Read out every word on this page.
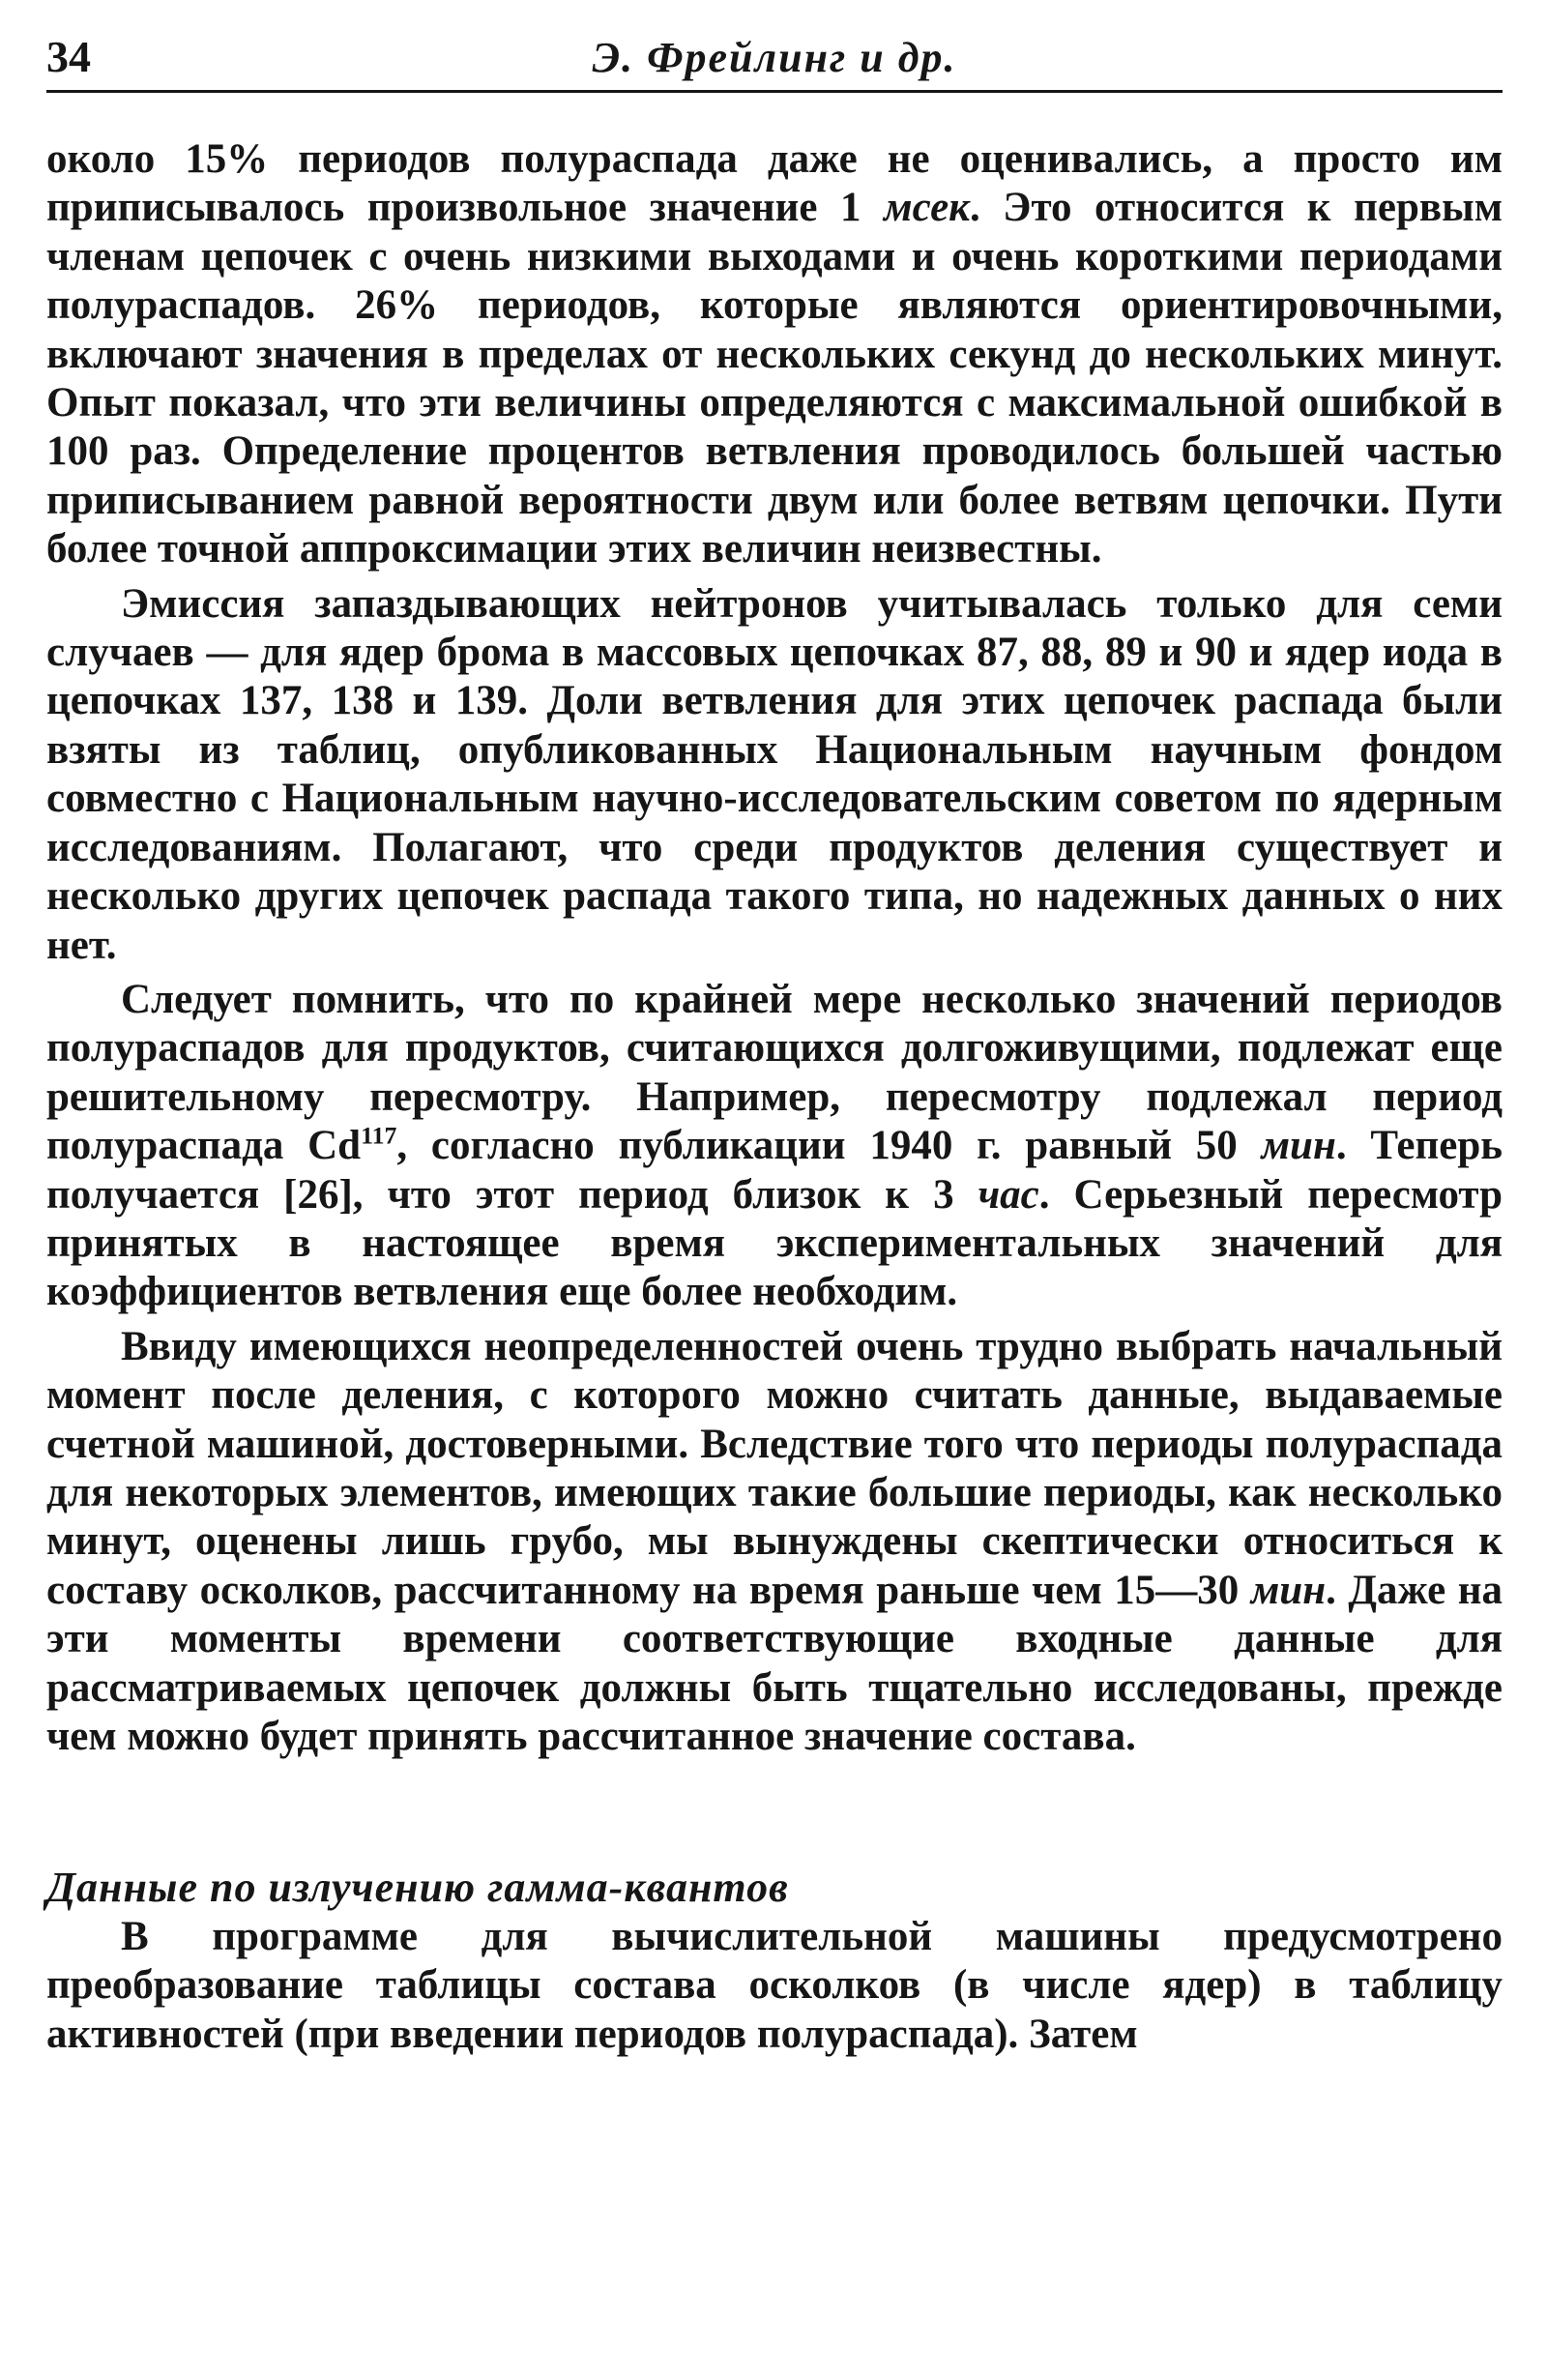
34	Э. Фрейлинг и др.

около 15% периодов полураспада даже не оценивались, а просто им приписывалось произвольное значение 1 мсек. Это относится к первым членам цепочек с очень низкими выходами и очень короткими периодами полураспадов. 26% периодов, которые являются ориентировочными, включают значения в пределах от нескольких секунд до нескольких минут. Опыт показал, что эти величины определяются с максимальной ошибкой в 100 раз. Определение процентов ветвления проводилось большей частью приписыванием равной вероятности двум или более ветвям цепочки. Пути более точной аппроксимации этих величин неизвестны.

Эмиссия запаздывающих нейтронов учитывалась только для семи случаев — для ядер брома в массовых цепочках 87, 88, 89 и 90 и ядер иода в цепочках 137, 138 и 139. Доли ветвления для этих цепочек распада были взяты из таблиц, опубликованных Национальным научным фондом совместно с Национальным научно-исследовательским советом по ядерным исследованиям. Полагают, что среди продуктов деления существует и несколько других цепочек распада такого типа, но надежных данных о них нет.

Следует помнить, что по крайней мере несколько значений периодов полураспадов для продуктов, считающихся долгоживущими, подлежат еще решительному пересмотру. Например, пересмотру подлежал период полураспада Cd$^{117}$, согласно публикации 1940 г. равный 50 мин. Теперь получается [26], что этот период близок к 3 час. Серьезный пересмотр принятых в настоящее время экспериментальных значений для коэффициентов ветвления еще более необходим.

Ввиду имеющихся неопределенностей очень трудно выбрать начальный момент после деления, с которого можно считать данные, выдаваемые счетной машиной, достоверными. Вследствие того что периоды полураспада для некоторых элементов, имеющих такие большие периоды, как несколько минут, оценены лишь грубо, мы вынуждены скептически относиться к составу осколков, рассчитанному на время раньше чем 15—30 мин. Даже на эти моменты времени соответствующие входные данные для рассматриваемых цепочек должны быть тщательно исследованы, прежде чем можно будет принять рассчитанное значение состава.

Данные по излучению гамма-квантов

В программе для вычислительной машины предусмотрено преобразование таблицы состава осколков (в числе ядер) в таблицу активностей (при введении периодов полураспада). Затем
